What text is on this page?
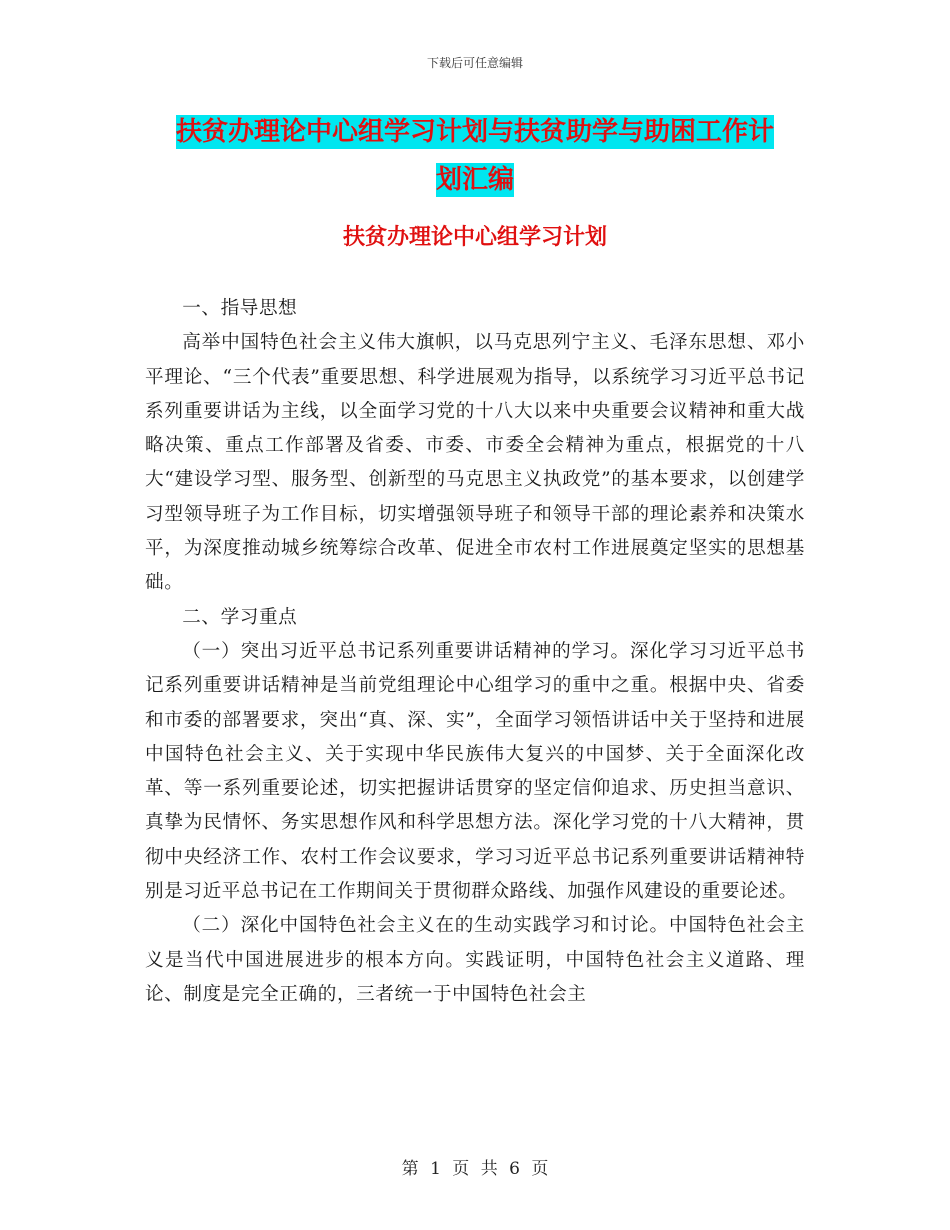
下载后可任意编辑
扶贫办理论中心组学习计划与扶贫助学与助困工作计
划汇编
扶贫办理论中心组学习计划

一、指导思想

高举中国特色社会主义伟大旗帜，以马克思列宁主义、毛泽东思想、邓小平理论、“三个代表”重要思想、科学进展观为指导，以系统学习习近平总书记系列重要讲话为主线，以全面学习党的十八大以来中央重要会议精神和重大战略决策、重点工作部署及省委、市委、市委全会精神为重点，根据党的十八大“建设学习型、服务型、创新型的马克思主义执政党”的基本要求，以创建学习型领导班子为工作目标，切实增强领导班子和领导干部的理论素养和决策水平，为深度推动城乡统筹综合改革、促进全市农村工作进展奠定坚实的思想基础。

二、学习重点

（一）突出习近平总书记系列重要讲话精神的学习。深化学习习近平总书记系列重要讲话精神是当前党组理论中心组学习的重中之重。根据中央、省委和市委的部署要求，突出“真、深、实”，全面学习领悟讲话中关于坚持和进展中国特色社会主义、关于实现中华民族伟大复兴的中国梦、关于全面深化改革、等一系列重要论述，切实把握讲话贯穿的坚定信仰追求、历史担当意识、真挚为民情怀、务实思想作风和科学思想方法。深化学习党的十八大精神，贯彻中央经济工作、农村工作会议要求，学习习近平总书记系列重要讲话精神特别是习近平总书记在工作期间关于贯彻群众路线、加强作风建设的重要论述。

（二）深化中国特色社会主义在的生动实践学习和讨论。中国特色社会主义是当代中国进展进步的根本方向。实践证明，中国特色社会主义道路、理论、制度是完全正确的，三者统一于中国特色社会主

第 1 页 共 6 页
